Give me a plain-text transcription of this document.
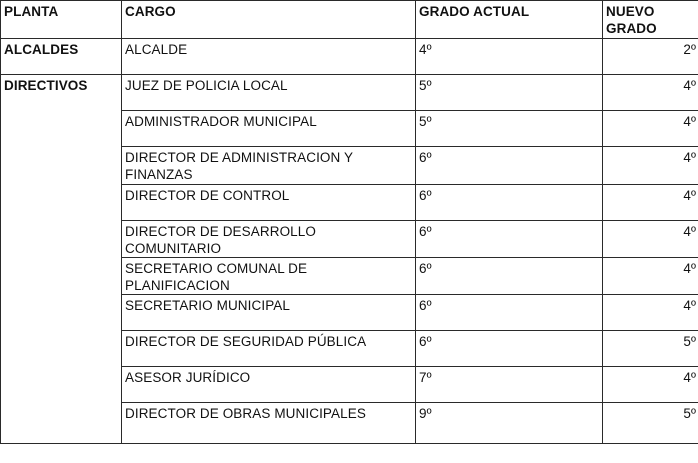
PLANTA	CARGO	GRADO ACTUAL	NUEVO
GRADO
ALCALDES	ALCALDE	4º	2º
DIRECTIVOS	JUEZ DE POLICIA LOCAL	5º	4º
	ADMINISTRADOR MUNICIPAL	5º	4º
	DIRECTOR DE ADMINISTRACION Y FINANZAS	6º	4º
	DIRECTOR DE CONTROL	6º	4º
	DIRECTOR DE DESARROLLO COMUNITARIO	6º	4º
	SECRETARIO COMUNAL DE PLANIFICACION	6º	4º
	SECRETARIO MUNICIPAL	6º	4º
	DIRECTOR DE SEGURIDAD PÚBLICA	6º	5º
	ASESOR JURÍDICO	7º	4º
	DIRECTOR DE OBRAS MUNICIPALES	9º	5º
